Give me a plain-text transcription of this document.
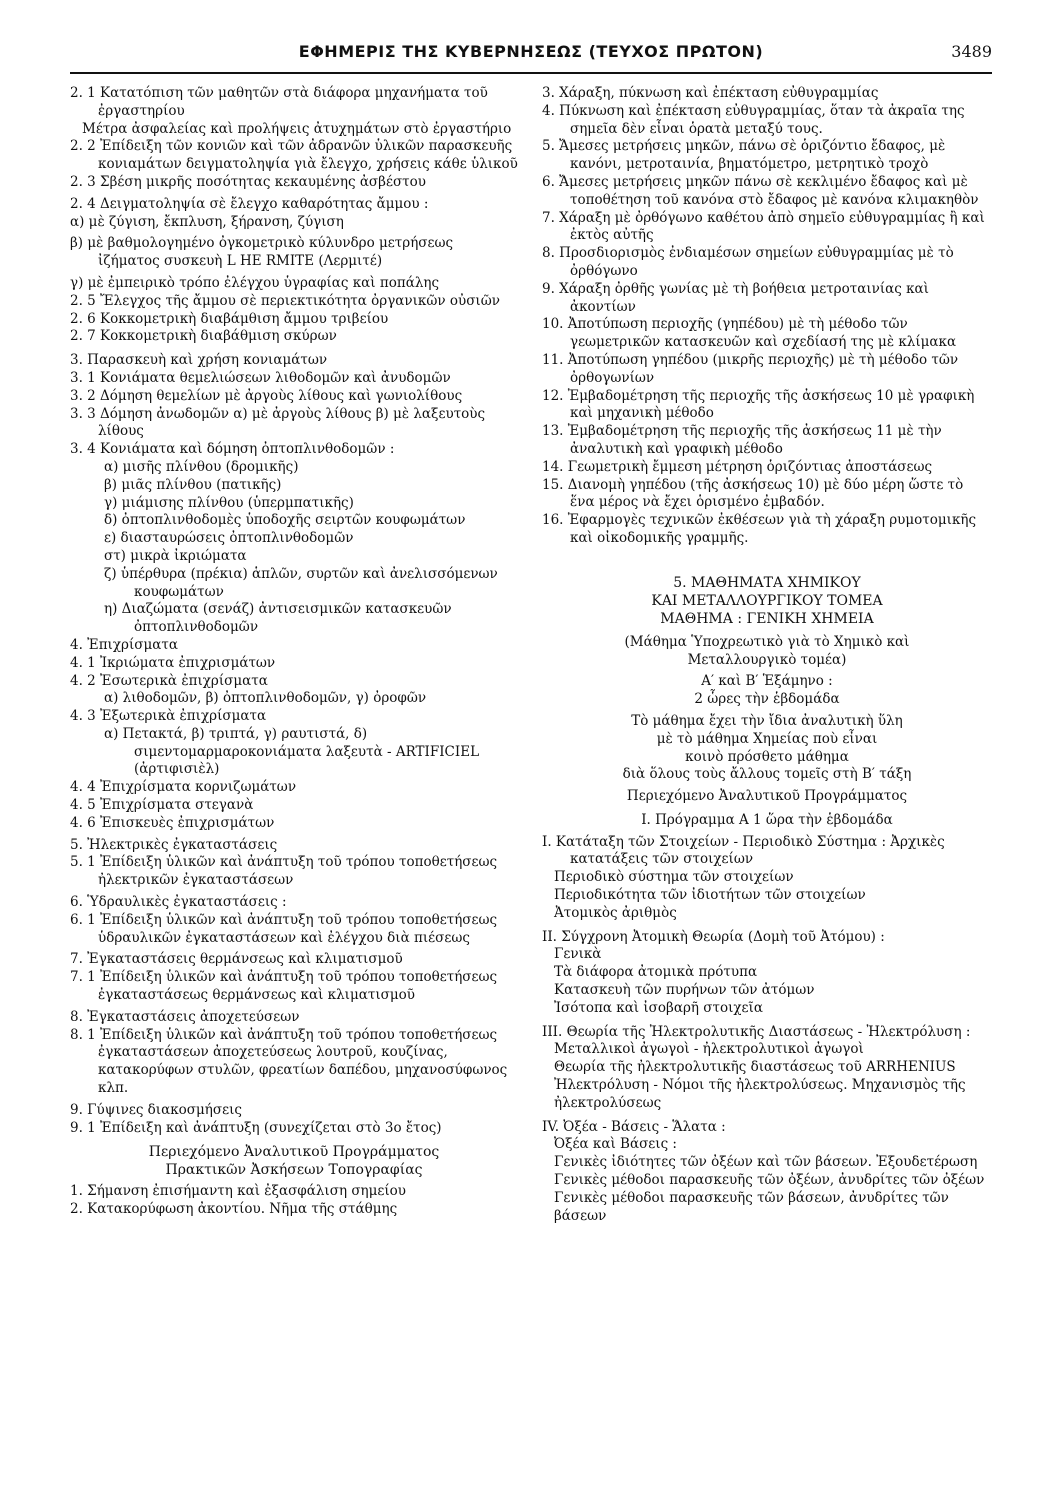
ΕΦΗΜΕΡΙΣ ΤΗΣ ΚΥΒΕΡΝΗΣΕΩΣ (ΤΕΥΧΟΣ ΠΡΩΤΟΝ)	3489
2. 1 Κατατόπιση τῶν μαθητῶν στὰ διάφορα μηχανήματα τοῦ ἐργαστηρίου
Μέτρα ἀσφαλείας καὶ προλήψεις ἀτυχημάτων στὸ ἐργαστήριο
2. 2 Ἐπίδειξη τῶν κονιῶν καὶ τῶν ἀδρανῶν ὑλικῶν παρασκευῆς κονιαμάτων δειγματοληψία γιὰ ἔλεγχο, χρήσεις κάθε ὑλικοῦ
2. 3 Σβέση μικρῆς ποσότητας κεκαυμένης ἀσβέστου
2. 4 Δειγματοληψία σὲ ἔλεγχο καθαρότητας ἄμμου :
α) μὲ ζύγιση, ἔκπλυση, ξήρανση, ζύγιση
β) μὲ βαθμολογημένο ὀγκομετρικὸ κύλυνδρο μετρήσεως ἰζήματος συσκευὴ L HE RMITE (Λερμιτέ)
γ) μὲ ἐμπειρικὸ τρόπο ἐλέγχου ὑγραφίας καὶ ποπάλης
2. 5 Ἔλεγχος τῆς ἄμμου σὲ περιεκτικότητα ὀργανικῶν οὐσιῶν
2. 6 Κοκκομετρικὴ διαβάμθιση ἄμμου τριβείου
2. 7 Κοκκομετρικὴ διαβάθμιση σκύρων
3. Παρασκευὴ καὶ χρήση κονιαμάτων
3. 1 Κονιάματα θεμελιώσεων λιθοδομῶν καὶ ἀνυδομῶν
3. 2 Δόμηση θεμελίων μὲ ἀργοὺς λίθους καὶ γωνιολίθους
3. 3 Δόμηση ἀνωδομῶν α) μὲ ἀργοὺς λίθους β) μὲ λαξευτοὺς λίθους
3. 4 Κονιάματα καὶ δόμηση ὀπτοπλινθοδομῶν :
α) μισῆς πλίνθου (δρομικῆς)
β) μιᾶς πλίνθου (πατικῆς)
γ) μιάμισης πλίνθου (ὑπερμπατικῆς)
δ) ὀπτοπλινθοδομὲς ὑποδοχῆς σειρτῶν κουφωμάτων
ε) διασταυρώσεις ὀπτοπλινθοδομῶν
στ) μικρὰ ἰκριώματα
ζ) ὑπέρθυρα (πρέκια) ἁπλῶν, συρτῶν καὶ ἀνελισσόμενων κουφωμάτων
η) Διαζώματα (σενάζ) ἀντισεισμικῶν κατασκευῶν ὀπτοπλινθοδομῶν
4. Ἐπιχρίσματα
4. 1 Ἰκριώματα ἐπιχρισμάτων
4. 2 Ἐσωτερικὰ ἐπιχρίσματα
α) λιθοδομῶν, β) ὀπτοπλινθοδομῶν, γ) ὀροφῶν
4. 3 Ἐξωτερικὰ ἐπιχρίσματα
α) Πετακτά, β) τριπτά, γ) ραυτιστά, δ) σιμεντομαρμαροκονιάματα λαξευτὰ - ARTIFICIEL (ἀρτιφισιὲλ)
4. 4 Ἐπιχρίσματα κορνιζωμάτων
4. 5 Ἐπιχρίσματα στεγανὰ
4. 6 Ἐπισκευὲς ἐπιχρισμάτων
5. Ἠλεκτρικὲς ἐγκαταστάσεις
5. 1 Ἐπίδειξη ὑλικῶν καὶ ἀνάπτυξη τοῦ τρόπου τοποθετήσεως ἠλεκτρικῶν ἐγκαταστάσεων
6. Ὑδραυλικὲς ἐγκαταστάσεις :
6. 1 Ἐπίδειξη ὑλικῶν καὶ ἀνάπτυξη τοῦ τρόπου τοποθετήσεως ὑδραυλικῶν ἐγκαταστάσεων καὶ ἐλέγχου διὰ πιέσεως
7. Ἐγκαταστάσεις θερμάνσεως καὶ κλιματισμοῦ
7. 1 Ἐπίδειξη ὑλικῶν καὶ ἀνάπτυξη τοῦ τρόπου τοποθετήσεως ἐγκαταστάσεως θερμάνσεως καὶ κλιματισμοῦ
8. Ἐγκαταστάσεις ἀποχετεύσεων
8. 1 Ἐπίδειξη ὑλικῶν καὶ ἀνάπτυξη τοῦ τρόπου τοποθετήσεως ἐγκαταστάσεων ἀποχετεύσεως λουτροῦ, κουζίνας, κατακορύφων στυλῶν, φρεατίων δαπέδου, μηχανοσύφωνος κλπ.
9. Γύψινες διακοσμήσεις
9. 1 Ἐπίδειξη καὶ ἀνάπτυξη (συνεχίζεται στὸ 3ο ἔτος)
Περιεχόμενο Ἀναλυτικοῦ Προγράμματος
Πρακτικῶν Ἀσκήσεων Τοπογραφίας
1. Σήμανση ἐπισήμαντη καὶ ἐξασφάλιση σημείου
2. Κατακορύφωση ἀκοντίου. Νῆμα τῆς στάθμης
3. Χάραξη, πύκνωση καὶ ἐπέκταση εὐθυγραμμίας
4. Πύκνωση καὶ ἐπέκταση εὐθυγραμμίας, ὅταν τὰ ἀκραῖα της σημεῖα δὲν εἶναι ὁρατὰ μεταξύ τους.
5. Ἄμεσες μετρήσεις μηκῶν, πάνω σὲ ὁριζόντιο ἔδαφος, μὲ κανόνι, μετροταινία, βηματόμετρο, μετρητικὸ τροχὸ
6. Ἄμεσες μετρήσεις μηκῶν πάνω σὲ κεκλιμένο ἔδαφος καὶ μὲ τοποθέτηση τοῦ κανόνα στὸ ἔδαφος μὲ κανόνα κλιμακηθὸν
7. Χάραξη μὲ ὀρθόγωνο καθέτου ἀπὸ σημεῖο εὐθυγραμμίας ἢ καὶ ἐκτὸς αὐτῆς
8. Προσδιορισμὸς ἐνδιαμέσων σημείων εὐθυγραμμίας μὲ τὸ ὀρθόγωνο
9. Χάραξη ὀρθῆς γωνίας μὲ τὴ βοήθεια μετροταινίας καὶ ἀκοντίων
10. Ἀποτύπωση περιοχῆς (γηπέδου) μὲ τὴ μέθοδο τῶν γεωμετρικῶν κατασκευῶν καὶ σχεδίασή της μὲ κλίμακα
11. Ἀποτύπωση γηπέδου (μικρῆς περιοχῆς) μὲ τὴ μέθοδο τῶν ὀρθογωνίων
12. Ἐμβαδομέτρηση τῆς περιοχῆς τῆς ἀσκήσεως 10 μὲ γραφικὴ καὶ μηχανικὴ μέθοδο
13. Ἐμβαδομέτρηση τῆς περιοχῆς τῆς ἀσκήσεως 11 μὲ τὴν ἀναλυτικὴ καὶ γραφικὴ μέθοδο
14. Γεωμετρικὴ ἔμμεση μέτρηση ὁριζόντιας ἀποστάσεως
15. Διανομὴ γηπέδου (τῆς ἀσκήσεως 10) μὲ δύο μέρη ὥστε τὸ ἕνα μέρος νὰ ἔχει ὁρισμένο ἐμβαδόν.
16. Ἐφαρμογὲς τεχνικῶν ἐκθέσεων γιὰ τὴ χάραξη ρυμοτομικῆς καὶ οἰκοδομικῆς γραμμῆς.
5. ΜΑΘΗΜΑΤΑ ΧΗΜΙΚΟΥ
ΚΑΙ ΜΕΤΑΛΛΟΥΡΓΙΚΟΥ ΤΟΜΕΑ
ΜΑΘΗΜΑ : ΓΕΝΙΚΗ ΧΗΜΕΙΑ
(Μάθημα Ὑποχρεωτικὸ γιὰ τὸ Χημικὸ καὶ
Μεταλλουργικὸ τομέα)
Α′ καὶ Β′ Ἑξάμηνο :
2 ὧρες τὴν ἑβδομάδα
Τὸ μάθημα ἔχει τὴν ἴδια ἀναλυτικὴ ὕλη
μὲ τὸ μάθημα Χημείας ποὺ εἶναι
κοινὸ πρόσθετο μάθημα
διὰ ὅλους τοὺς ἄλλους τομεῖς στὴ Β′ τάξη
Περιεχόμενο Ἀναλυτικοῦ Προγράμματος
Ι. Πρόγραμμα Α 1 ὥρα τὴν ἑβδομάδα
Ι. Κατάταξη τῶν Στοιχείων - Περιοδικὸ Σύστημα : Ἀρχικὲς κατατάξεις τῶν στοιχείων
Περιοδικὸ σύστημα τῶν στοιχείων
Περιοδικότητα τῶν ἰδιοτήτων τῶν στοιχείων
Ἀτομικὸς ἀριθμὸς
ΙΙ. Σύγχρονη Ἀτομικὴ Θεωρία (Δομὴ τοῦ Ἀτόμου) :
Γενικὰ
Τὰ διάφορα ἀτομικὰ πρότυπα
Κατασκευὴ τῶν πυρήνων τῶν ἀτόμων
Ἰσότοπα καὶ ἰσοβαρῆ στοιχεῖα
ΙΙΙ. Θεωρία τῆς Ἠλεκτρολυτικῆς Διαστάσεως - Ἠλεκτρόλυση :
Μεταλλικοὶ ἀγωγοὶ - ἠλεκτρολυτικοὶ ἀγωγοὶ
Θεωρία τῆς ἠλεκτρολυτικῆς διαστάσεως τοῦ ARRHENIUS
Ἠλεκτρόλυση - Νόμοι τῆς ἠλεκτρολύσεως. Μηχανισμὸς τῆς ἠλεκτρολύσεως
ΙV. Ὀξέα - Βάσεις - Ἅλατα :
Ὀξέα καὶ Βάσεις :
Γενικὲς ἰδιότητες τῶν ὀξέων καὶ τῶν βάσεων. Ἐξουδετέρωση
Γενικὲς μέθοδοι παρασκευῆς τῶν ὀξέων, ἀνυδρίτες τῶν ὀξέων
Γενικὲς μέθοδοι παρασκευῆς τῶν βάσεων, ἀνυδρίτες τῶν βάσεων
